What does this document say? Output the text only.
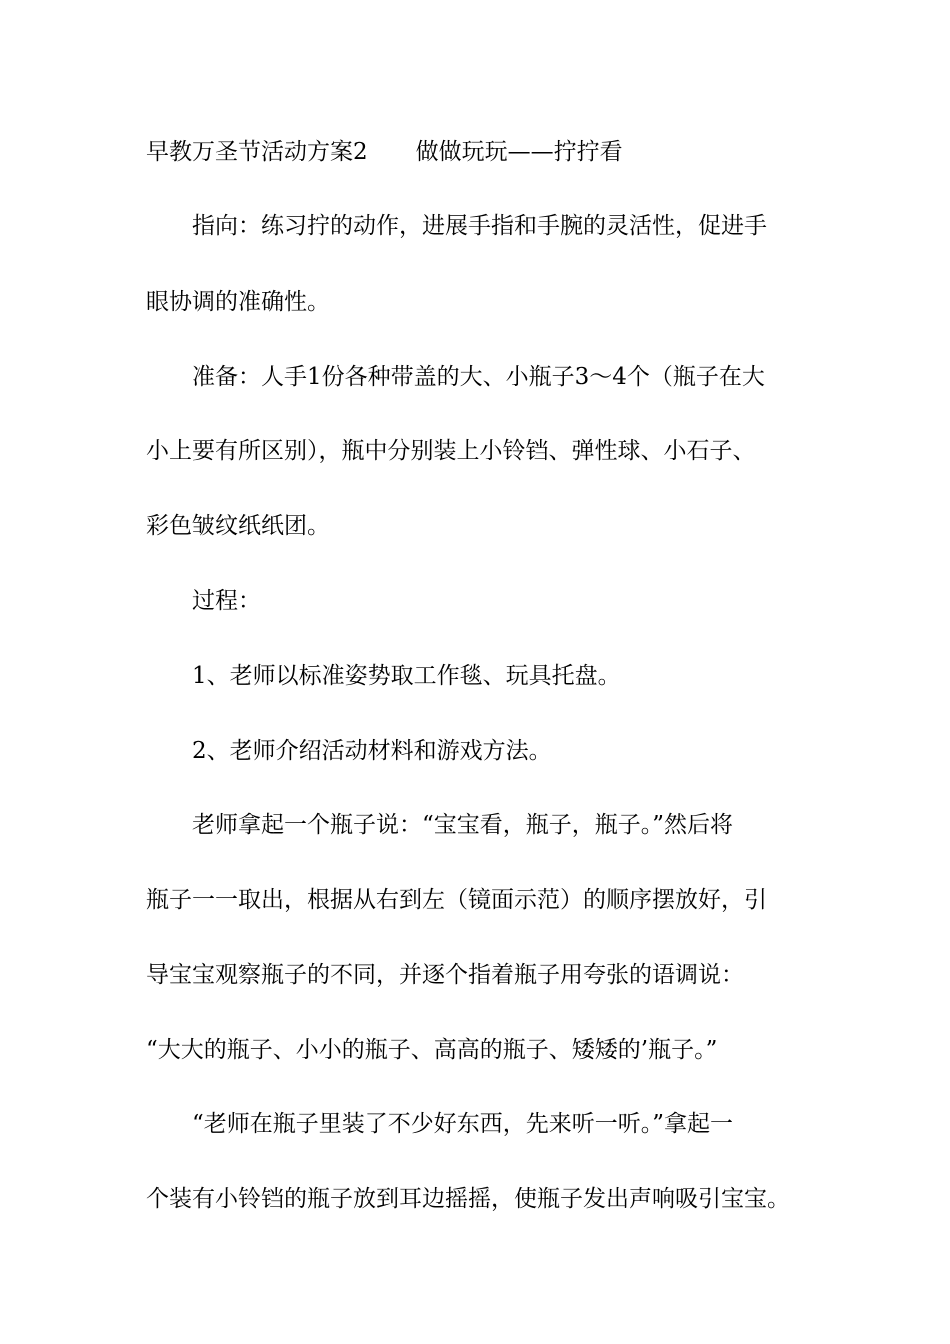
早教万圣节活动方案2 做做玩玩——拧拧看
指向：练习拧的动作，进展手指和手腕的灵活性，促进手
眼协调的准确性。
准备：人手1份各种带盖的大、小瓶子3～4个（瓶子在大
小上要有所区别），瓶中分别装上小铃铛、弹性球、小石子、
彩色皱纹纸纸团。
过程：
1、老师以标准姿势取工作毯、玩具托盘。
2、老师介绍活动材料和游戏方法。
老师拿起一个瓶子说：“宝宝看，瓶子，瓶子。”然后将
瓶子一一取出，根据从右到左（镜面示范）的顺序摆放好，引
导宝宝观察瓶子的不同，并逐个指着瓶子用夸张的语调说：
“大大的瓶子、小小的瓶子、高高的瓶子、矮矮的’瓶子。”
“老师在瓶子里装了不少好东西，先来听一听。”拿起一
个装有小铃铛的瓶子放到耳边摇摇，使瓶子发出声响吸引宝宝。
